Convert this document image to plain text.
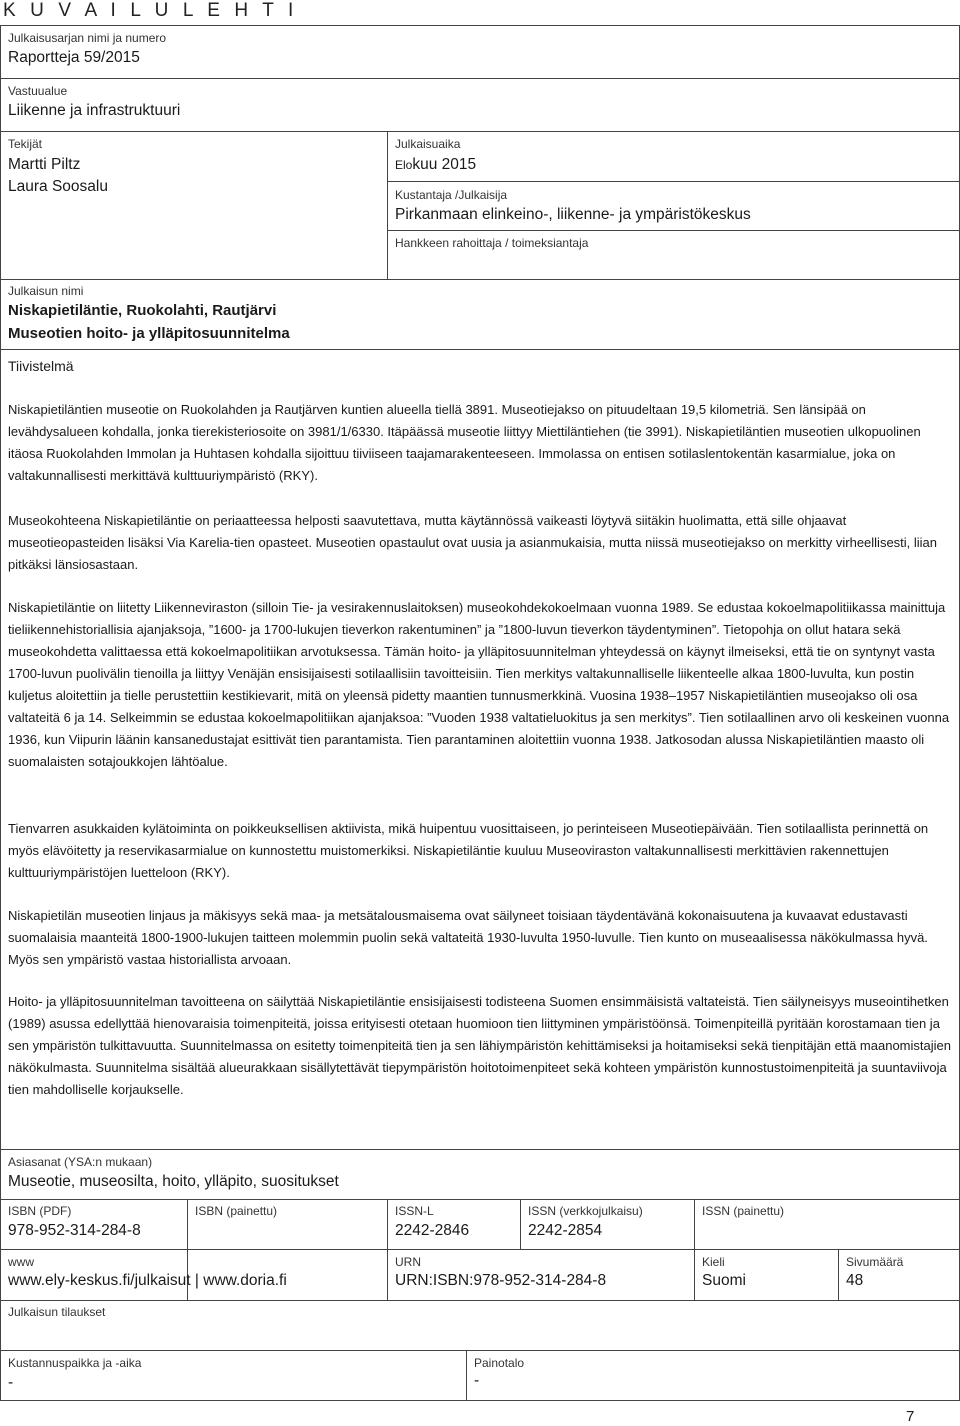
K U V A I L U L E H T I
Julkaisusarjan nimi ja numero
Raportteja 59/2015
Vastuualue
Liikenne ja infrastruktuuri
Tekijät
Martti Piltz
Laura Soosalu
Julkaisuaika
Elokuu 2015
Kustantaja /Julkaisija
Pirkanmaan elinkeino-, liikenne- ja ympäristökeskus
Hankkeen rahoittaja / toimeksiantaja
Julkaisun nimi
Niskapietiläntie, Ruokolahti, Rautjärvi
Museotien hoito- ja ylläpitosuunnitelma
Tiivistelmä

Niskapietiläntien museotie on Ruokolahden ja Rautjärven kuntien alueella tiellä 3891. Museotiejakso on pituudeltaan 19,5 kilometriä. Sen länsipää on levähdysalueen kohdalla, jonka tierekisteriosoite on 3981/1/6330. Itäpäässä museotie liittyy Miettiläntiehen (tie 3991). Niskapietiläntien museotien ulkopuolinen itäosa Ruokolahden Immolan ja Huhtasen kohdalla sijoittuu tiiviiseen taajamarakenteeseen. Immolassa on entisen sotilaslentokentän kasarmialue, joka on valtakunnallisesti merkittävä kulttuuriympäristö (RKY).

Museokohteena Niskapietiläntie on periaatteessa helposti saavutettava, mutta käytännössä vaikeasti löytyvä siitäkin huolimatta, että sille ohjaavat museotieopasteiden lisäksi Via Karelia-tien opasteet. Museotien opastaulut ovat uusia ja asianmukaisia, mutta niissä museotiejakso on merkitty virheellisesti, liian pitkäksi länsiosastaan.

Niskapietiläntie on liitetty Liikenneviraston (silloin Tie- ja vesirakennuslaitoksen) museokohdekokoelmaan vuonna 1989. Se edustaa kokoelmapolitiikassa mainittuja tieliikennehistoriallisia ajanjaksoja, ”1600- ja 1700-lukujen tieverkon rakentuminen” ja ”1800-luvun tieverkon täydentyminen”. Tietopohja on ollut hatara sekä museokohdetta valittaessa että kokoelmapolitiikan arvotuksessa. Tämän hoito- ja ylläpitosuunnitelman yhteydessä on käynyt ilmeiseksi, että tie on syntynyt vasta 1700-luvun puolivälin tienoilla ja liittyy Venäjän ensisijaisesti sotilaallisiin tavoitteisiin. Tien merkitys valtakunnalliselle liikenteelle alkaa 1800-luvulta, kun postin kuljetus aloitettiin ja tielle perustettiin kestikievarit, mitä on yleensä pidetty maantien tunnusmerkkinä. Vuosina 1938–1957 Niskapietiläntien museojakso oli osa valtateitä 6 ja 14. Selkeimmin se edustaa kokoelmapolitiikan ajanjaksoa: ”Vuoden 1938 valtatieluokitus ja sen merkitys”. Tien sotilaallinen arvo oli keskeinen vuonna 1936, kun Viipurin läänin kansanedustajat esittivät tien parantamista. Tien parantaminen aloitettiin vuonna 1938. Jatkosodan alussa Niskapietiläntien maasto oli suomalaisten sotajoukkojen lähtöalue.

Tienvarren asukkaiden kylätoiminta on poikkeuksellisen aktiivista, mikä huipentuu vuosittaiseen, jo perinteiseen Museotiepäivään. Tien sotilaallista perinnettä on myös elävöitetty ja reservikasarmialue on kunnostettu muistomerkiksi. Niskapietiläntie kuuluu Museoviraston valtakunnallisesti merkittävien rakennettujen kulttuuriympäristöjen luetteloon (RKY).

Niskapietilän museotien linjaus ja mäkisyys sekä maa- ja metsätalousmaisema ovat säilyneet toisiaan täydentävänä kokonaisuutena ja kuvaavat edustavasti suomalaisia maanteitä 1800-1900-lukujen taitteen molemmin puolin sekä valtateitä 1930-luvulta 1950-luvulle. Tien kunto on museaalisessa näkökulmassa hyvä. Myös sen ympäristö vastaa historiallista arvoaan.

Hoito- ja ylläpitosuunnitelman tavoitteena on säilyttää Niskapietiläntie ensisijaisesti todisteena Suomen ensimmäisistä valtateistä. Tien säilyneisyys museointihetken (1989) asussa edellyttää hienovaraisia toimenpiteitä, joissa erityisesti otetaan huomioon tien liittyminen ympäristöönsä. Toimenpiteillä pyritään korostamaan tien ja sen ympäristön tulkittavuutta. Suunnitelmassa on esitetty toimenpiteitä tien ja sen lähiympäristön kehittämiseksi ja hoitamiseksi sekä tienpitäjän että maanomistajien näkökulmasta. Suunnitelma sisältää alueurakkaan sisällytettävät tiepympäristön hoitotoimenpiteet sekä kohteen ympäristön kunnostustoimenpiteitä ja suuntaviivoja tien mahdolliselle korjaukselle.

Asiasanat (YSA:n mukaan)
Museotie, museosilta, hoito, ylläpito, suositukset
ISBN (PDF)
978-952-314-284-8
ISBN (painettu)	ISSN-L
2242-2846
ISSN (verkkojulkaisu)
2242-2854
ISSN (painettu)
www
www.ely-keskus.fi/julkaisut | www.doria.fi
URN
URN:ISBN:978-952-314-284-8
Kieli
Suomi
Sivumäärä
48
Julkaisun tilaukset
Kustannuspaikka ja -aika
-
Painotalo
-
7
